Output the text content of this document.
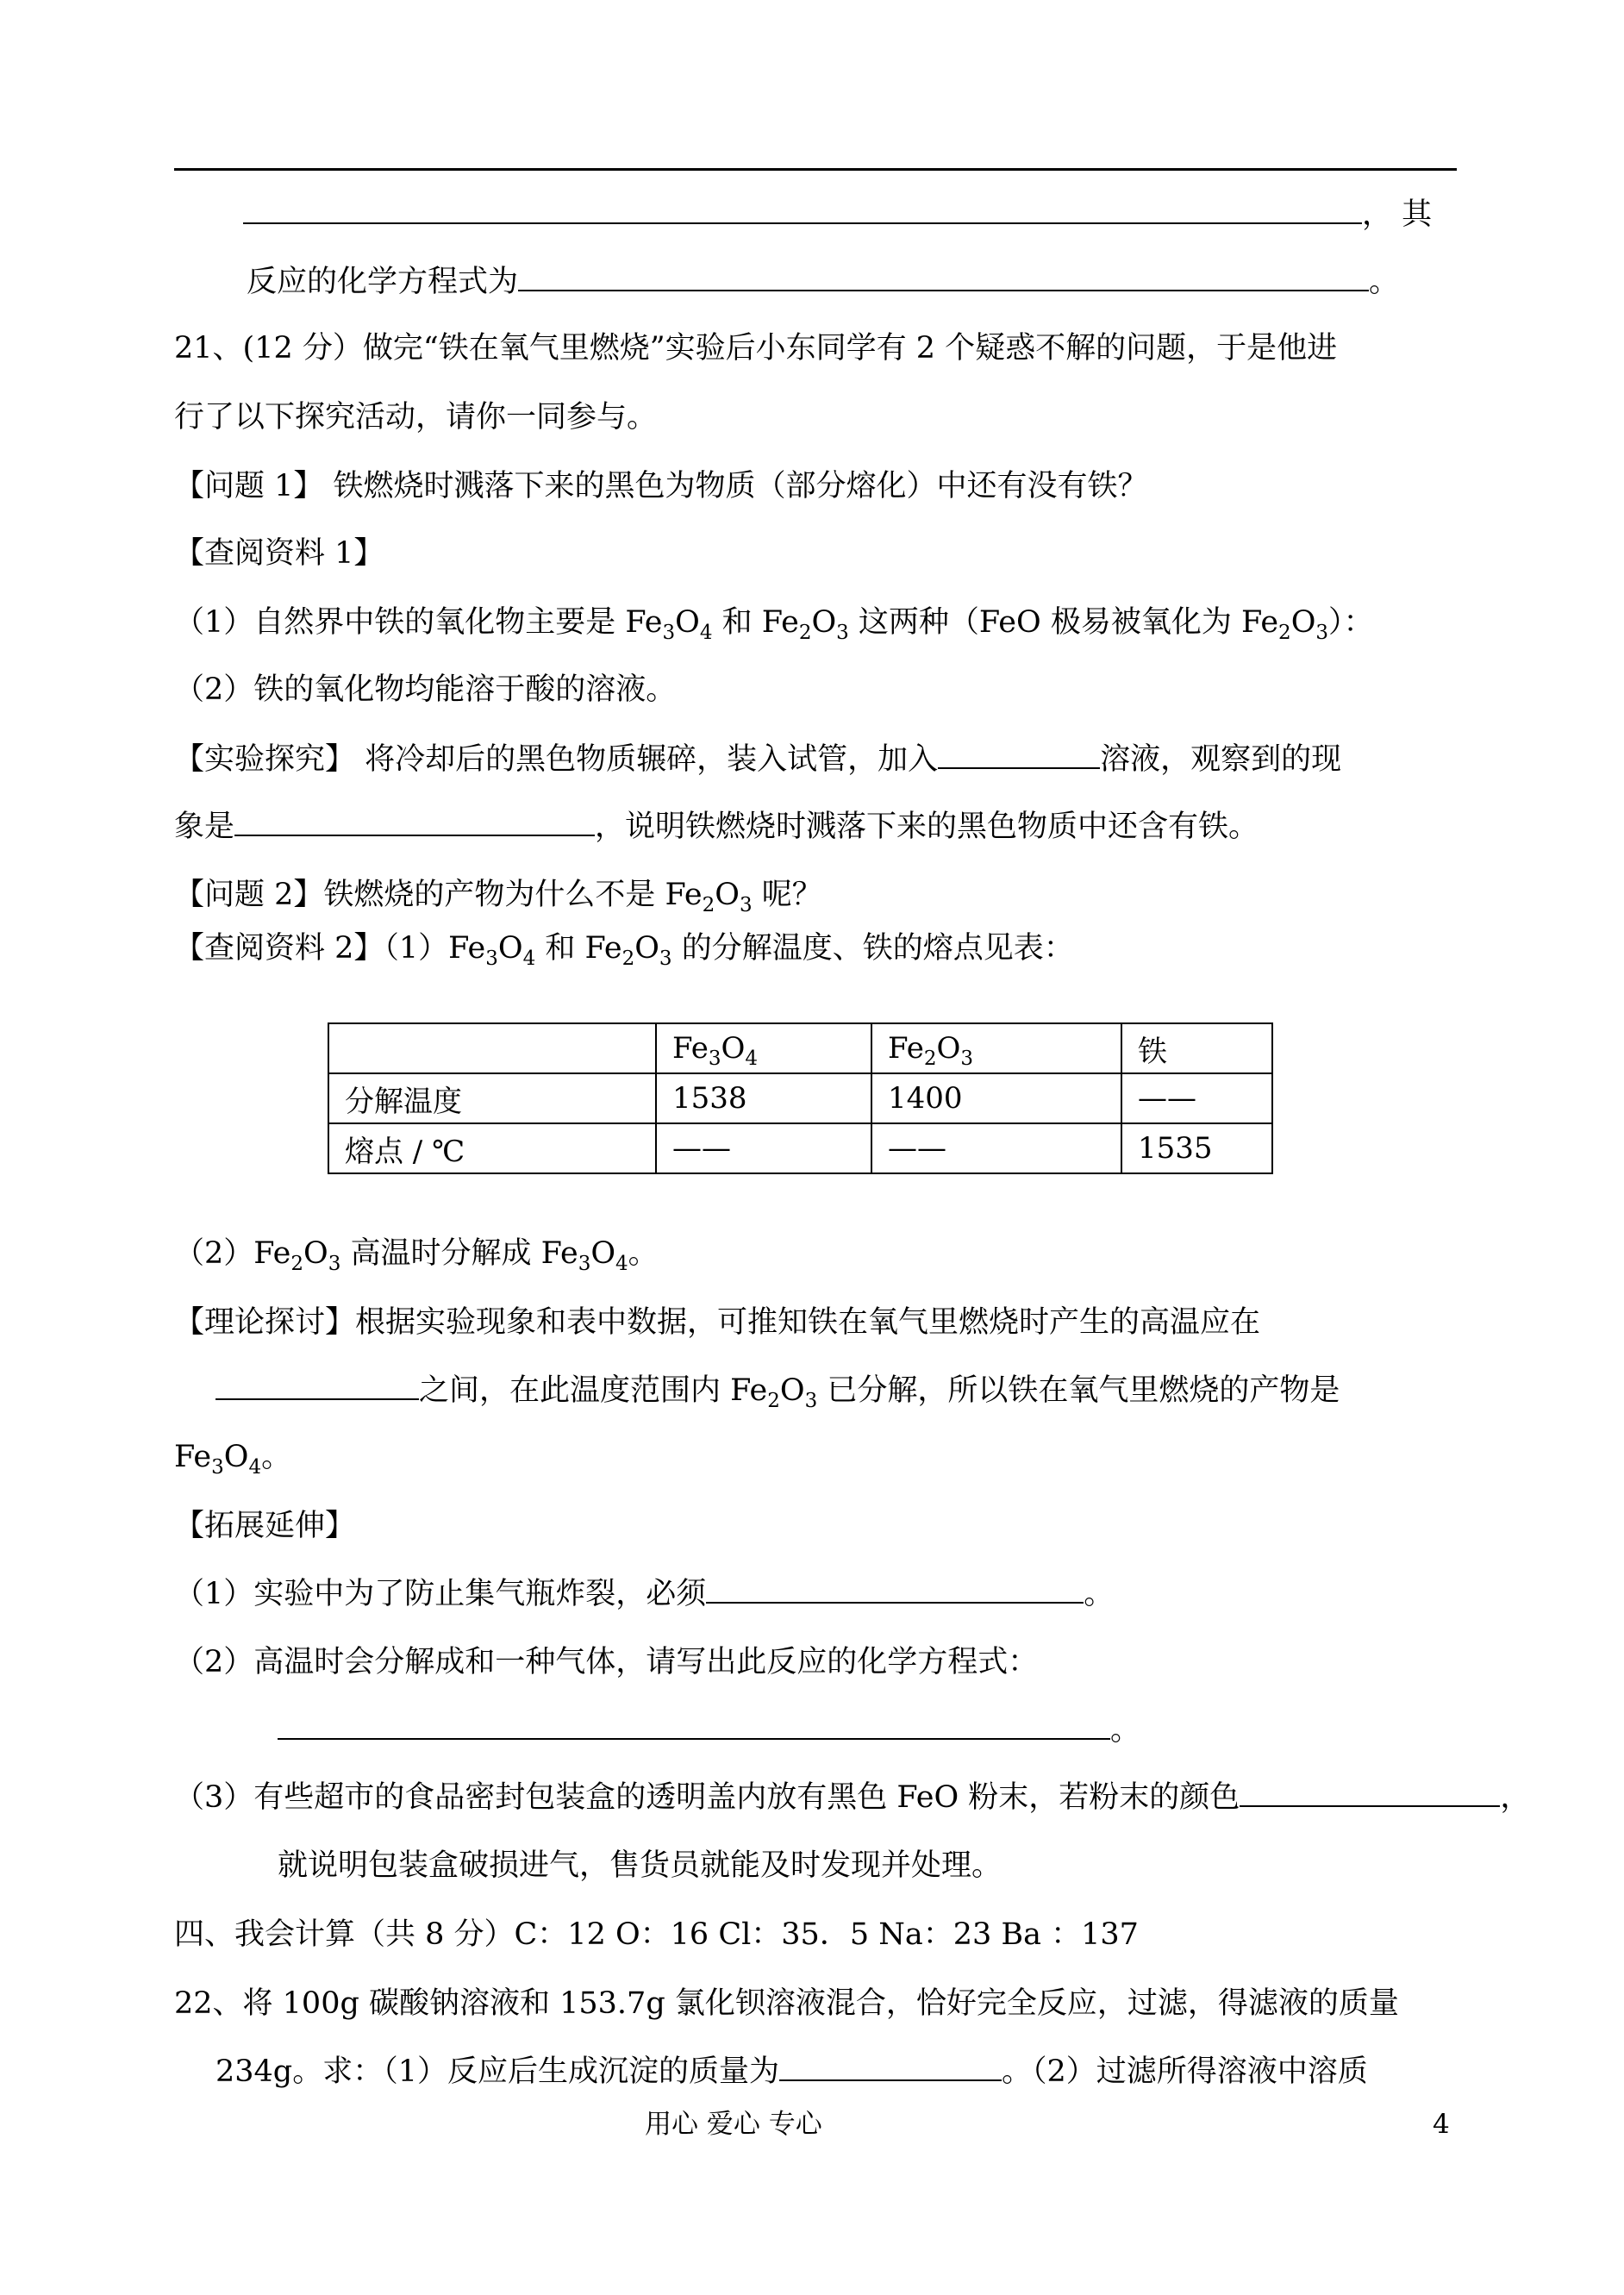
， 其
反应的化学方程式为	。
21、(12 分）做完“铁在氧气里燃烧”实验后小东同学有 2 个疑惑不解的问题，于是他进
行了以下探究活动，请你一同参与。
【问题 1】 铁燃烧时溅落下来的黑色为物质（部分熔化）中还有没有铁？
【查阅资料 1】
（1）自然界中铁的氧化物主要是 $Fe_3O_4$ 和 $Fe_2O_3$ 这两种（FeO 极易被氧化为 $Fe_2O_3$）：
（2）铁的氧化物均能溶于酸的溶液。
【实验探究】 将冷却后的黑色物质辗碎，装入试管，加入	溶液，观察到的现
象是	，说明铁燃烧时溅落下来的黑色物质中还含有铁。
【问题 2】铁燃烧的产物为什么不是 $Fe_2O_3$ 呢？
【查阅资料 2】$(1)Fe_3O_4$ 和 $Fe_2O_3$ 的分解温度、铁的熔点见表：
	$Fe_3O_4$	$Fe_2O_3$	铁
分解温度	1538	1400	——
熔点 / ℃	——	——	1535
$(2)Fe_2O_3$ 高温时分解成 $Fe_3O_4$。
【理论探讨】根据实验现象和表中数据，可推知铁在氧气里燃烧时产生的高温应在
之间，在此温度范围内 $Fe_2O_3$ 已分解，所以铁在氧气里燃烧的产物是
$Fe_3O_4$。
【拓展延伸】
（1）实验中为了防止集气瓶炸裂，必须	。
（2）高温时会分解成和一种气体，请写出此反应的化学方程式：
。
（3）有些超市的食品密封包装盒的透明盖内放有黑色 FeO 粉末，若粉末的颜色	，
就说明包装盒破损进气，售货员就能及时发现并处理。
四、我会计算（共 8 分）C：12 O：16 Cl：35．5 Na：23 Ba ：137
22、将 100g 碳酸钠溶液和 153.7g 氯化钡溶液混合，恰好完全反应，过滤，得滤液的质量
234g。求：（1）反应后生成沉淀的质量为	。（2）过滤所得溶液中溶质
用心 爱心 专心	4
